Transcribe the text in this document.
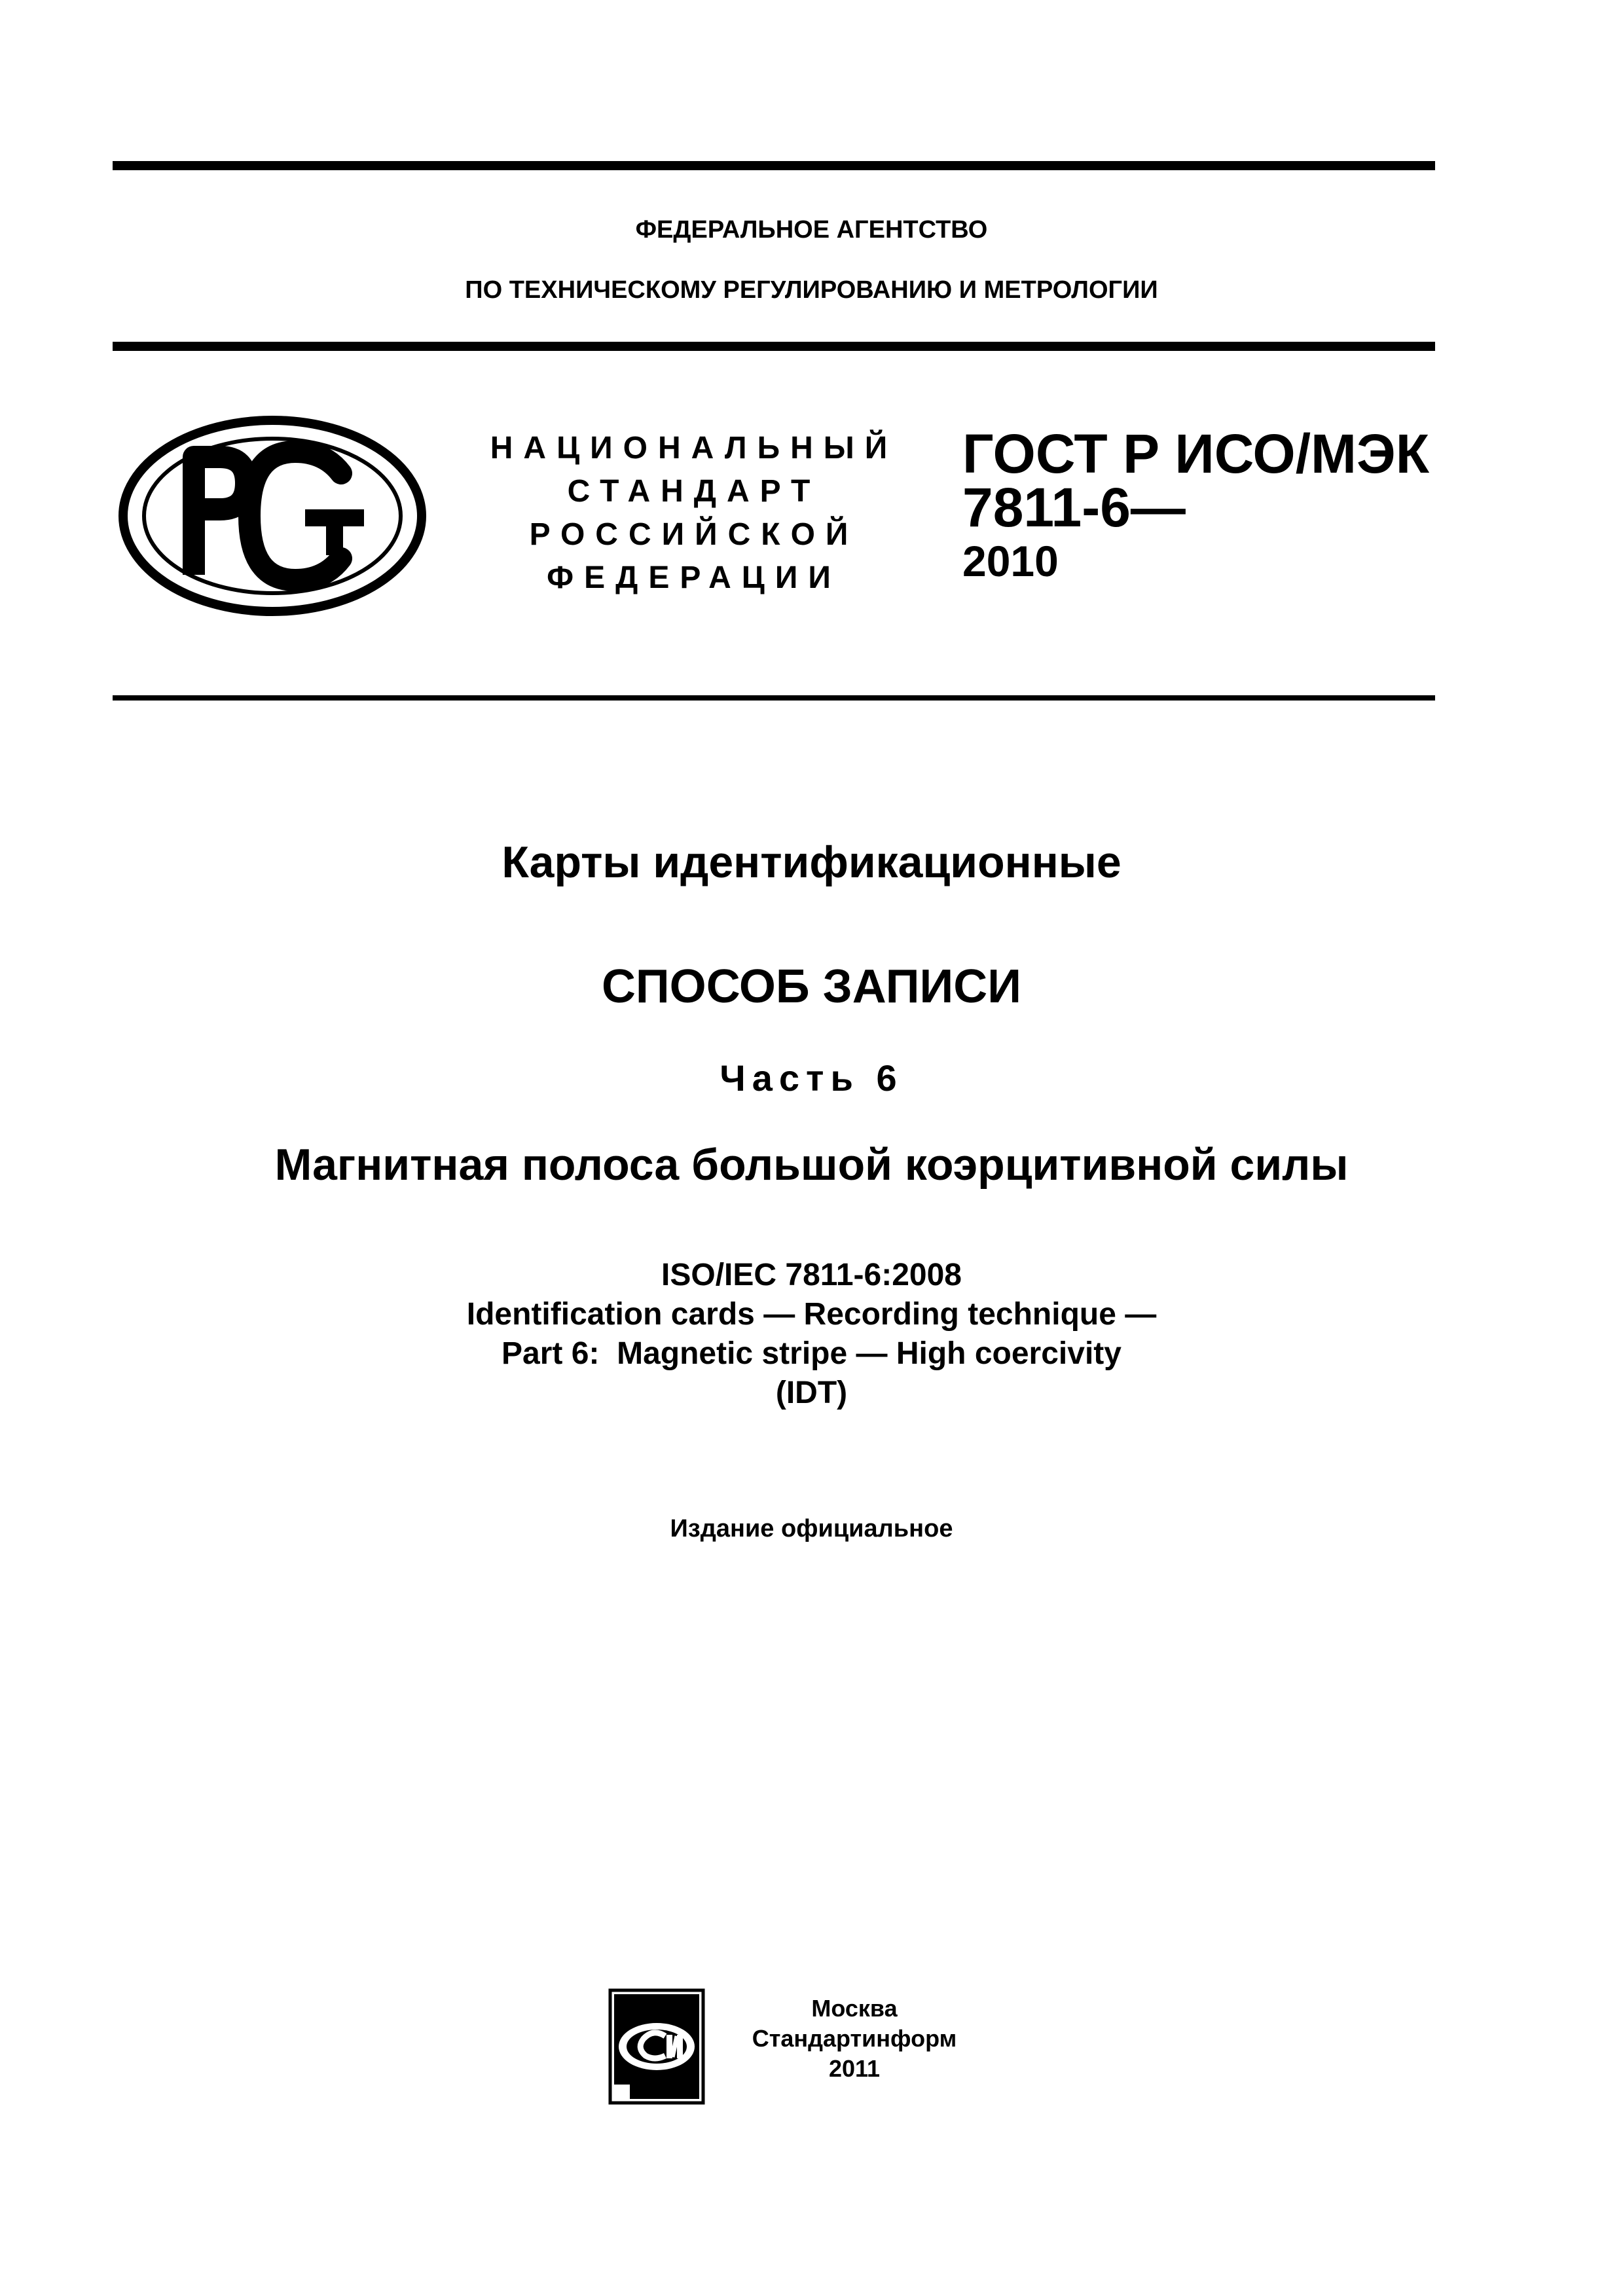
ФЕДЕРАЛЬНОЕ АГЕНТСТВО
ПО ТЕХНИЧЕСКОМУ РЕГУЛИРОВАНИЮ И МЕТРОЛОГИИ
НАЦИОНАЛЬНЫЙ
СТАНДАРТ
РОССИЙСКОЙ
ФЕДЕРАЦИИ
ГОСТ Р ИСО/МЭК
7811-6—
2010
Карты идентификационные
СПОСОБ ЗАПИСИ
Часть 6
Магнитная полоса большой коэрцитивной силы
ISO/IEC 7811-6:2008
Identification cards — Recording technique —
Part 6:  Magnetic stripe — High coercivity
(IDT)
Издание официальное
Москва
Стандартинформ
2011
